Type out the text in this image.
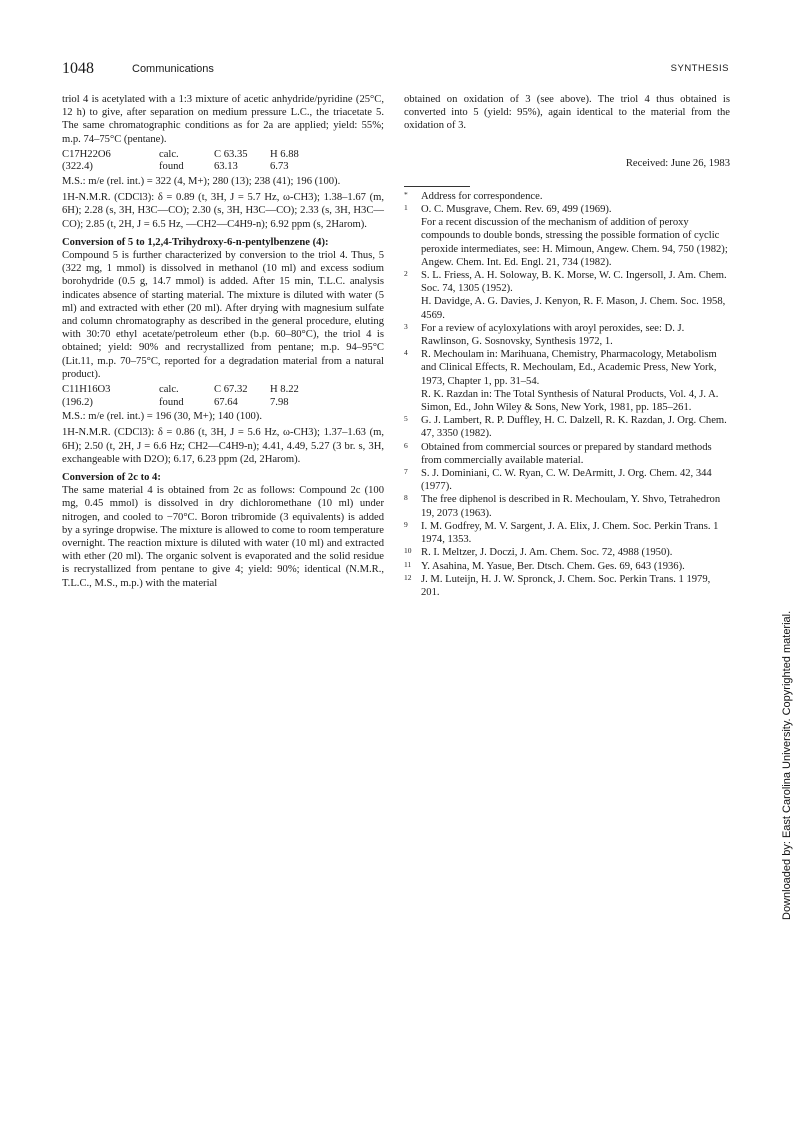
1048	Communications	SYNTHESIS

triol 4 is acetylated with a 1:3 mixture of acetic anhydride/pyridine (25°C, 12 h) to give, after separation on medium pressure L.C., the triacetate 5. The same chromatographic conditions as for 2a are applied; yield: 55%; m.p. 74–75°C (pentane).

C17H22O6	calc.	C 63.35	H 6.88
(322.4)	found	63.13	6.73

M.S.: m/e (rel. int.) = 322 (4, M+); 280 (13); 238 (41); 196 (100).

1H-N.M.R. (CDCl3): δ = 0.89 (t, 3H, J = 5.7 Hz, ω-CH3); 1.38–1.67 (m, 6H); 2.28 (s, 3H, H3C—CO); 2.30 (s, 3H, H3C—CO); 2.33 (s, 3H, H3C—CO); 2.85 (t, 2H, J = 6.5 Hz, —CH2—C4H9-n); 6.92 ppm (s, 2Harom).

Conversion of 5 to 1,2,4-Trihydroxy-6-n-pentylbenzene (4):

Compound 5 is further characterized by conversion to the triol 4. Thus, 5 (322 mg, 1 mmol) is dissolved in methanol (10 ml) and excess sodium borohydride (0.5 g, 14.7 mmol) is added. After 15 min, T.L.C. analysis indicates absence of starting material. The mixture is diluted with water (5 ml) and extracted with ether (20 ml). After drying with magnesium sulfate and column chromatography as described in the general procedure, eluting with 30:70 ethyl acetate/petroleum ether (b.p. 60–80°C), the triol 4 is obtained; yield: 90% and recrystallized from pentane; m.p. 94–95°C (Lit.11, m.p. 70–75°C, reported for a degradation material from a natural product).

C11H16O3	calc.	C 67.32	H 8.22
(196.2)	found	67.64	7.98

M.S.: m/e (rel. int.) = 196 (30, M+); 140 (100).

1H-N.M.R. (CDCl3): δ = 0.86 (t, 3H, J = 5.6 Hz, ω-CH3); 1.37–1.63 (m, 6H); 2.50 (t, 2H, J = 6.6 Hz; CH2—C4H9-n); 4.41, 4.49, 5.27 (3 br. s, 3H, exchangeable with D2O); 6.17, 6.23 ppm (2d, 2Harom).

Conversion of 2c to 4:

The same material 4 is obtained from 2c as follows: Compound 2c (100 mg, 0.45 mmol) is dissolved in dry dichloromethane (10 ml) under nitrogen, and cooled to −70°C. Boron tribromide (3 equivalents) is added by a syringe dropwise. The mixture is allowed to come to room temperature overnight. The reaction mixture is diluted with water (10 ml) and extracted with ether (20 ml). The organic solvent is evaporated and the solid residue is recrystallized from pentane to give 4; yield: 90%; identical (N.M.R., T.L.C., M.S., m.p.) with the material

obtained on oxidation of 3 (see above). The triol 4 thus obtained is converted into 5 (yield: 95%), again identical to the material from the oxidation of 3.

Received: June 26, 1983

* Address for correspondence.
1 O. C. Musgrave, Chem. Rev. 69, 499 (1969).
For a recent discussion of the mechanism of addition of peroxy compounds to double bonds, stressing the possible formation of cyclic peroxide intermediates, see: H. Mimoun, Angew. Chem. 94, 750 (1982); Angew. Chem. Int. Ed. Engl. 21, 734 (1982).
2 S. L. Friess, A. H. Soloway, B. K. Morse, W. C. Ingersoll, J. Am. Chem. Soc. 74, 1305 (1952).
H. Davidge, A. G. Davies, J. Kenyon, R. F. Mason, J. Chem. Soc. 1958, 4569.
3 For a review of acyloxylations with aroyl peroxides, see: D. J. Rawlinson, G. Sosnovsky, Synthesis 1972, 1.
4 R. Mechoulam in: Marihuana, Chemistry, Pharmacology, Metabolism and Clinical Effects, R. Mechoulam, Ed., Academic Press, New York, 1973, Chapter 1, pp. 31–54.
R. K. Razdan in: The Total Synthesis of Natural Products, Vol. 4, J. A. Simon, Ed., John Wiley & Sons, New York, 1981, pp. 185–261.
5 G. J. Lambert, R. P. Duffley, H. C. Dalzell, R. K. Razdan, J. Org. Chem. 47, 3350 (1982).
6 Obtained from commercial sources or prepared by standard methods from commercially available material.
7 S. J. Dominiani, C. W. Ryan, C. W. DeArmitt, J. Org. Chem. 42, 344 (1977).
8 The free diphenol is described in R. Mechoulam, Y. Shvo, Tetrahedron 19, 2073 (1963).
9 I. M. Godfrey, M. V. Sargent, J. A. Elix, J. Chem. Soc. Perkin Trans. 1 1974, 1353.
10 R. I. Meltzer, J. Doczi, J. Am. Chem. Soc. 72, 4988 (1950).
11 Y. Asahina, M. Yasue, Ber. Dtsch. Chem. Ges. 69, 643 (1936).
12 J. M. Luteijn, H. J. W. Spronck, J. Chem. Soc. Perkin Trans. 1 1979, 201.
Downloaded by: East Carolina University. Copyrighted material.
